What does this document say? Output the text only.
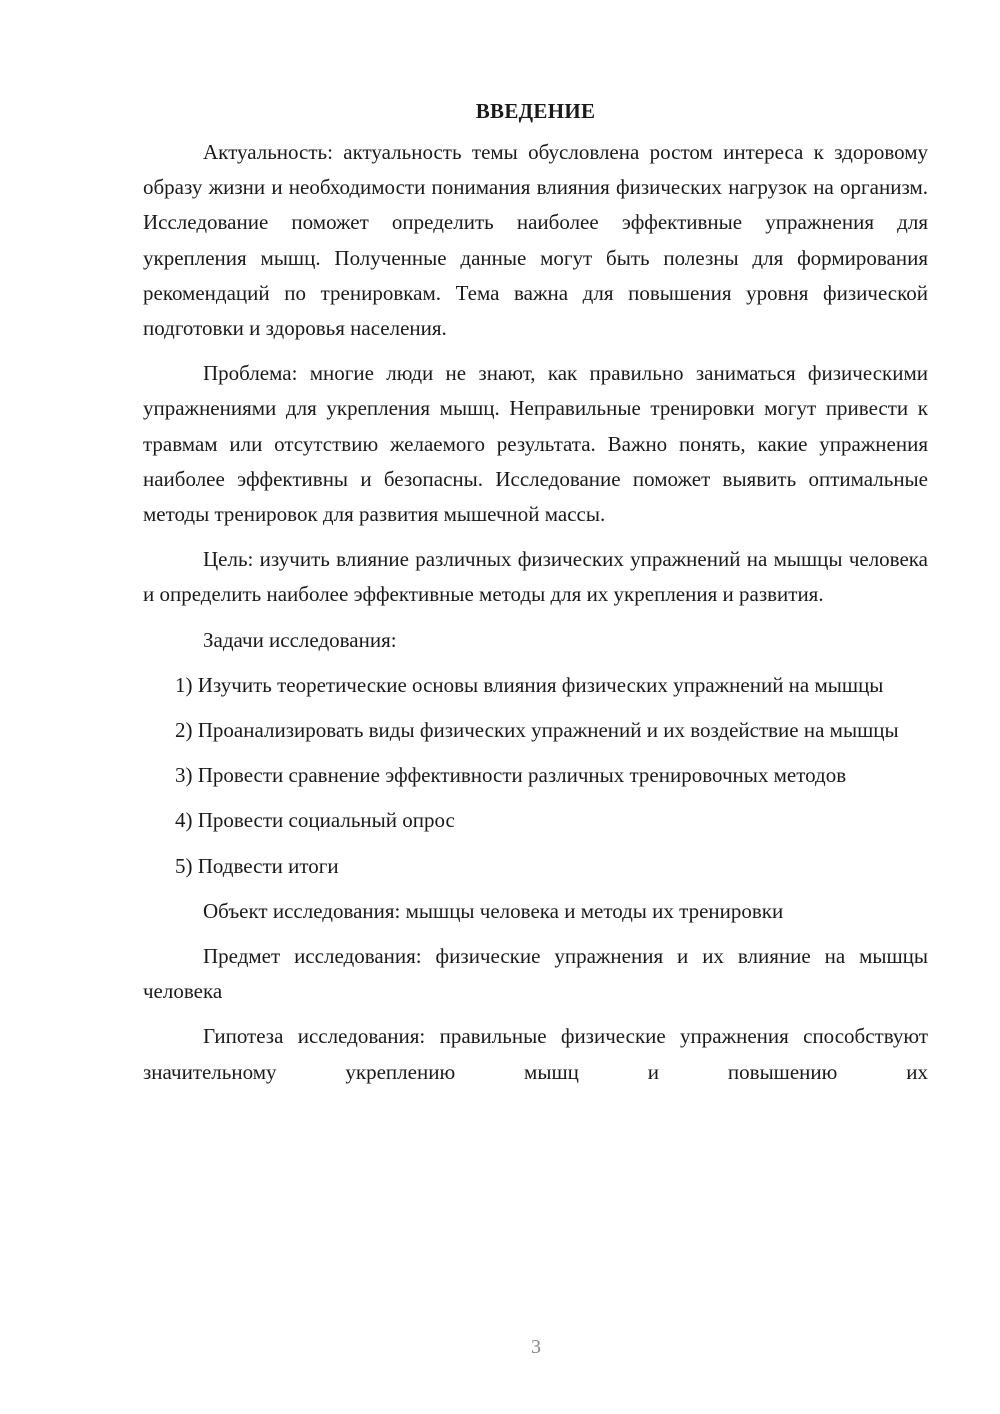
ВВЕДЕНИЕ

Актуальность: актуальность темы обусловлена ростом интереса к здоровому образу жизни и необходимости понимания влияния физических нагрузок на организм. Исследование поможет определить наиболее эффективные упражнения для укрепления мышц. Полученные данные могут быть полезны для формирования рекомендаций по тренировкам. Тема важна для повышения уровня физической подготовки и здоровья населения.

Проблема: многие люди не знают, как правильно заниматься физическими упражнениями для укрепления мышц. Неправильные тренировки могут привести к травмам или отсутствию желаемого результата. Важно понять, какие упражнения наиболее эффективны и безопасны. Исследование поможет выявить оптимальные методы тренировок для развития мышечной массы.

Цель: изучить влияние различных физических упражнений на мышцы человека и определить наиболее эффективные методы для их укрепления и развития.

Задачи исследования:

1) Изучить теоретические основы влияния физических упражнений на мышцы

2) Проанализировать виды физических упражнений и их воздействие на мышцы

3) Провести сравнение эффективности различных тренировочных методов

4) Провести социальный опрос

5) Подвести итоги

Объект исследования: мышцы человека и методы их тренировки

Предмет исследования: физические упражнения и их влияние на мышцы человека

Гипотеза исследования: правильные физические упражнения способствуют значительному укреплению мышц и повышению их

3
